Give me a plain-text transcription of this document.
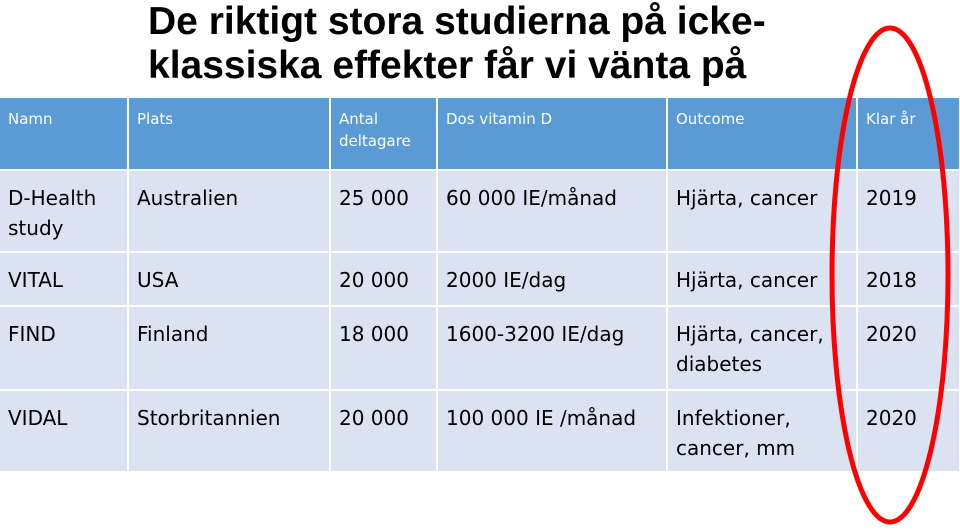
De riktigt stora studierna på icke-
klassiska effekter får vi vänta på
Namn	Plats	Antal deltagare	Dos vitamin D	Outcome	Klar år
D-Health study	Australien	25 000	60 000 IE/månad	Hjärta, cancer	2019
VITAL	USA	20 000	2000 IE/dag	Hjärta, cancer	2018
FIND	Finland	18 000	1600-3200 IE/dag	Hjärta, cancer, diabetes	2020
VIDAL	Storbritannien	20 000	100 000 IE /månad	Infektioner, cancer, mm	2020
